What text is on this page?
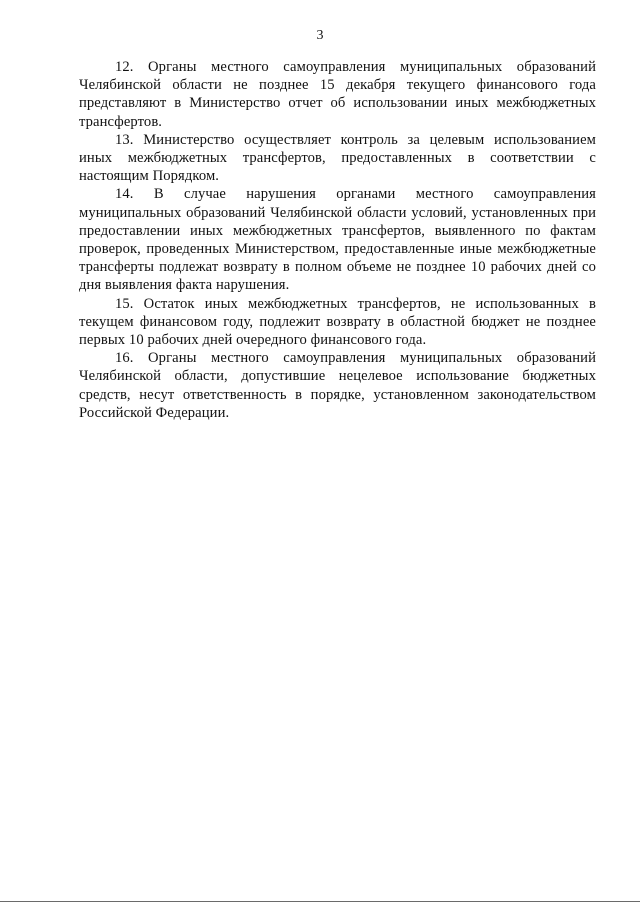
3

12. Органы местного самоуправления муниципальных образований Челябинской области не позднее 15 декабря текущего финансового года представляют в Министерство отчет об использовании иных межбюджетных трансфертов.

13. Министерство осуществляет контроль за целевым использованием иных межбюджетных трансфертов, предоставленных в соответствии с настоящим Порядком.

14. В случае нарушения органами местного самоуправления муниципальных образований Челябинской области условий, установленных при предоставлении иных межбюджетных трансфертов, выявленного по фактам проверок, проведенных Министерством, предоставленные иные межбюджетные трансферты подлежат возврату в полном объеме не позднее 10 рабочих дней со дня выявления факта нарушения.

15. Остаток иных межбюджетных трансфертов, не использованных в текущем финансовом году, подлежит возврату в областной бюджет не позднее первых 10 рабочих дней очередного финансового года.

16. Органы местного самоуправления муниципальных образований Челябинской области, допустившие нецелевое использование бюджетных средств, несут ответственность в порядке, установленном законодательством Российской Федерации.
